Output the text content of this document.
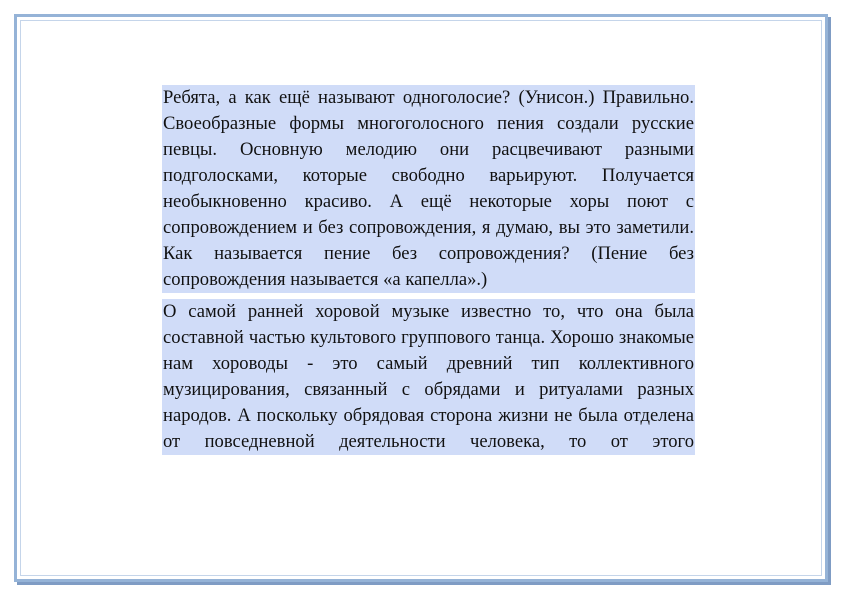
Ребята, а как ещё называют одноголосие? (Унисон.) Правильно. Своеобразные формы многоголосного пения создали русские певцы. Основную мелодию они расцвечивают разными подголосками, которые свободно варьируют. Получается необыкновенно красиво. А ещё некоторые хоры поют с сопровождением и без сопровождения, я думаю, вы это заметили. Как называется пение без сопровождения? (Пение без сопровождения называется «а капелла».)

О самой ранней хоровой музыке известно то, что она была составной частью культового группового танца. Хорошо знакомые нам хороводы - это самый древний тип коллективного музицирования, связанный с обрядами и ритуалами разных народов. А поскольку обрядовая сторона жизни не была отделена от повседневной деятельности человека, то от этого
